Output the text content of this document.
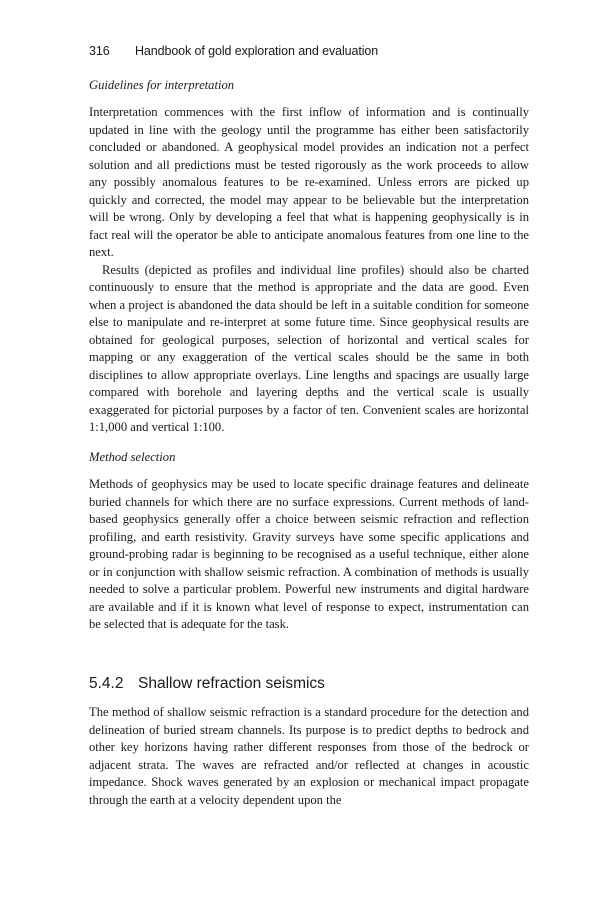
316 Handbook of gold exploration and evaluation
Guidelines for interpretation

Interpretation commences with the first inflow of information and is continually updated in line with the geology until the programme has either been satisfactorily concluded or abandoned. A geophysical model provides an indication not a perfect solution and all predictions must be tested rigorously as the work proceeds to allow any possibly anomalous features to be re-examined. Unless errors are picked up quickly and corrected, the model may appear to be believable but the interpretation will be wrong. Only by developing a feel that what is happening geophysically is in fact real will the operator be able to anticipate anomalous features from one line to the next.

Results (depicted as profiles and individual line profiles) should also be charted continuously to ensure that the method is appropriate and the data are good. Even when a project is abandoned the data should be left in a suitable condition for someone else to manipulate and re-interpret at some future time. Since geophysical results are obtained for geological purposes, selection of horizontal and vertical scales for mapping or any exaggeration of the vertical scales should be the same in both disciplines to allow appropriate overlays. Line lengths and spacings are usually large compared with borehole and layering depths and the vertical scale is usually exaggerated for pictorial purposes by a factor of ten. Convenient scales are horizontal 1:1,000 and vertical 1:100.

Method selection

Methods of geophysics may be used to locate specific drainage features and delineate buried channels for which there are no surface expressions. Current methods of land-based geophysics generally offer a choice between seismic refraction and reflection profiling, and earth resistivity. Gravity surveys have some specific applications and ground-probing radar is beginning to be recognised as a useful technique, either alone or in conjunction with shallow seismic refraction. A combination of methods is usually needed to solve a particular problem. Powerful new instruments and digital hardware are available and if it is known what level of response to expect, instrumentation can be selected that is adequate for the task.

5.4.2 Shallow refraction seismics

The method of shallow seismic refraction is a standard procedure for the detection and delineation of buried stream channels. Its purpose is to predict depths to bedrock and other key horizons having rather different responses from those of the bedrock or adjacent strata. The waves are refracted and/or reflected at changes in acoustic impedance. Shock waves generated by an explosion or mechanical impact propagate through the earth at a velocity dependent upon the
